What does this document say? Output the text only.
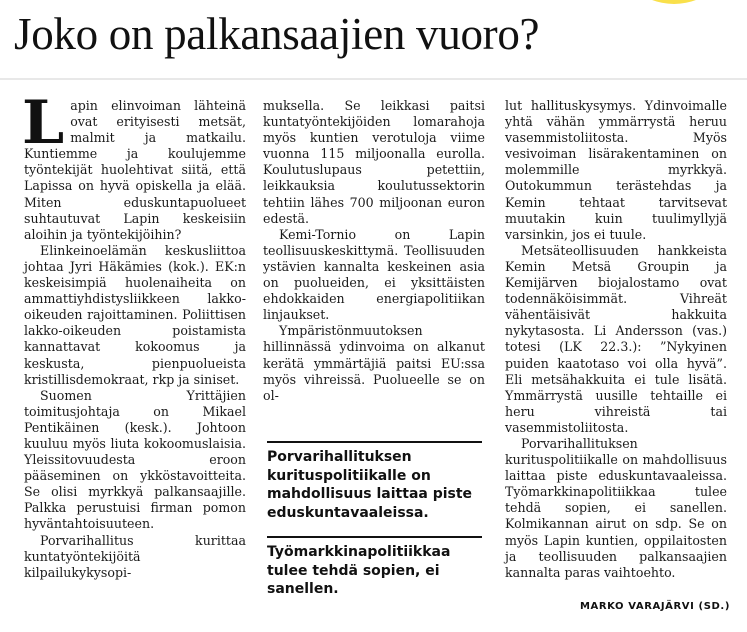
Joko on palkansaajien vuoro?

Lapin elinvoiman lähteinä ovat erityisesti metsät, malmit ja matkailu. Kuntiemme ja koulujemme työntekijät huolehtivat siitä, että Lapissa on hyvä opiskella ja elää. Miten eduskuntapuolueet suhtautuvat Lapin keskeisiin aloihin ja työntekijöihin?

Elinkeinoelämän keskusliittoa johtaa Jyri Häkämies (kok.). EK:n keskeisimpiä huolenaiheita on ammattiyhdistysliikkeen lakko-oikeuden rajoittaminen. Poliittisen lakko-oikeuden poistamista kannattavat kokoomus ja keskusta, pienpuolueista kristillisdemokraat, rkp ja siniset.

Suomen Yrittäjien toimitusjohtaja on Mikael Pentikäinen (kesk.). Johtoon kuuluu myös liuta kokoomuslaisia. Yleissitovuudesta eroon pääseminen on ykköstavoitteita. Se olisi myrkkyä palkansaajille. Palkka perustuisi firman pomon hyväntahtoisuuteen.

Porvarihallitus kurittaa kuntatyöntekijöitä kilpailukykysopi-

muksella. Se leikkasi paitsi kuntatyöntekijöiden lomarahoja myös kuntien verotuloja viime vuonna 115 miljoonalla eurolla. Koulutuslupaus petettiin, leikkauksia koulutussektorin tehtiin lähes 700 miljoonan euron edestä.

Kemi-Tornio on Lapin teollisuuskeskittymä. Teollisuuden ystävien kannalta keskeinen asia on puolueiden, ei yksittäisten ehdokkaiden energiapolitiikan linjaukset.

Ympäristönmuutoksen hillinnässä ydinvoima on alkanut kerätä ymmärtäjiä paitsi EU:ssa myös vihreissä. Puolueelle se on ol-

Porvarihallituksen kurituspolitiikalle on mahdollisuus laittaa piste eduskuntavaaleissa.

Työmarkkinapolitiikkaa tulee tehdä sopien, ei sanellen.

lut hallituskysymys. Ydinvoimalle yhtä vähän ymmärrystä heruu vasemmistoliitosta. Myös vesivoiman lisärakentaminen on molemmille myrkkyä. Outokummun terästehdas ja Kemin tehtaat tarvitsevat muutakin kuin tuulimyllyjä varsinkin, jos ei tuule.

Metsäteollisuuden hankkeista Kemin Metsä Groupin ja Kemijärven biojalostamo ovat todennäköisimmät. Vihreät vähentäisivät hakkuita nykytasosta. Li Andersson (vas.) totesi (LK 22.3.): ”Nykyinen puiden kaatotaso voi olla hyvä”. Eli metsähakkuita ei tule lisätä. Ymmärrystä uusille tehtaille ei heru vihreistä tai vasemmistoliitosta.

Porvarihallituksen kurituspolitiikalle on mahdollisuus laittaa piste eduskuntavaaleissa. Työmarkkinapolitiikkaa tulee tehdä sopien, ei sanellen. Kolmikannan airut on sdp. Se on myös Lapin kuntien, oppilaitosten ja teollisuuden palkansaajien kannalta paras vaihtoehto.

MARKO VARAJÄRVI (SD.)
